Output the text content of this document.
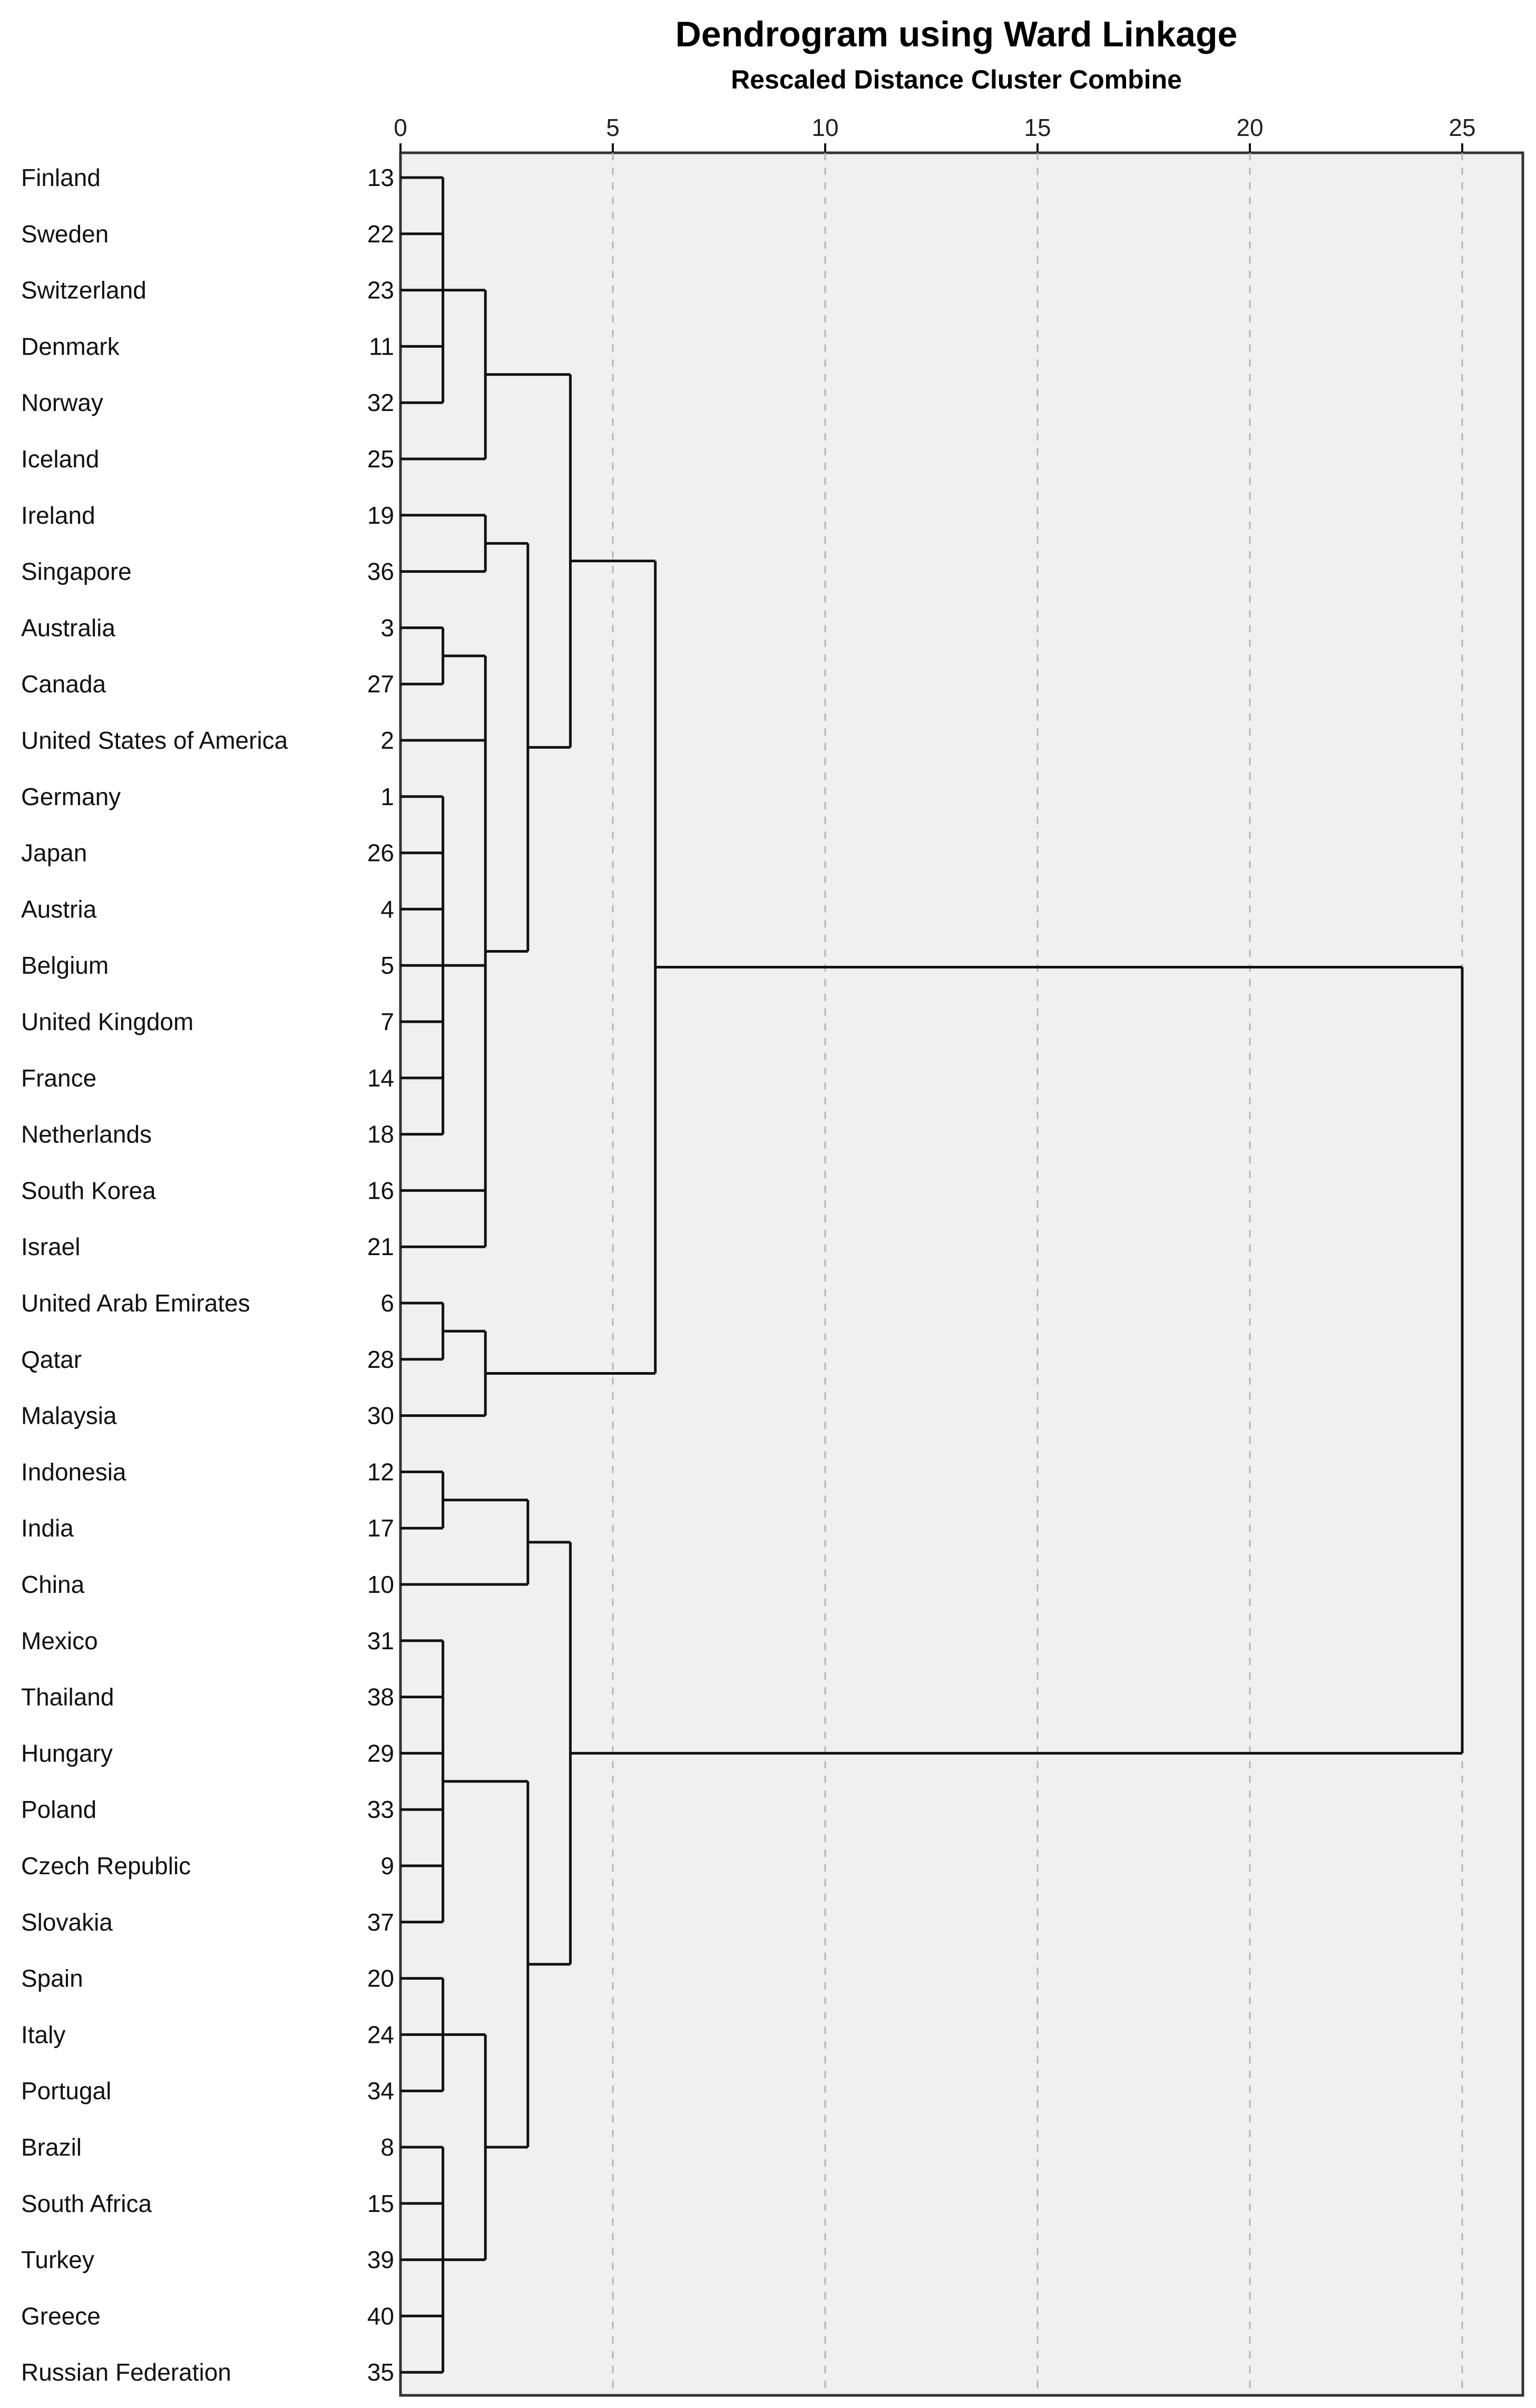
Dendrogram using Ward Linkage
Rescaled Distance Cluster Combine
0	5	10	15	20	25
Finland	13
Sweden	22
Switzerland	23
Denmark	11
Norway	32
Iceland	25
Ireland	19
Singapore	36
Australia	3
Canada	27
United States of America	2
Germany	1
Japan	26
Austria	4
Belgium	5
United Kingdom	7
France	14
Netherlands	18
South Korea	16
Israel	21
United Arab Emirates	6
Qatar	28
Malaysia	30
Indonesia	12
India	17
China	10
Mexico	31
Thailand	38
Hungary	29
Poland	33
Czech Republic	9
Slovakia	37
Spain	20
Italy	24
Portugal	34
Brazil	8
South Africa	15
Turkey	39
Greece	40
Russian Federation	35
